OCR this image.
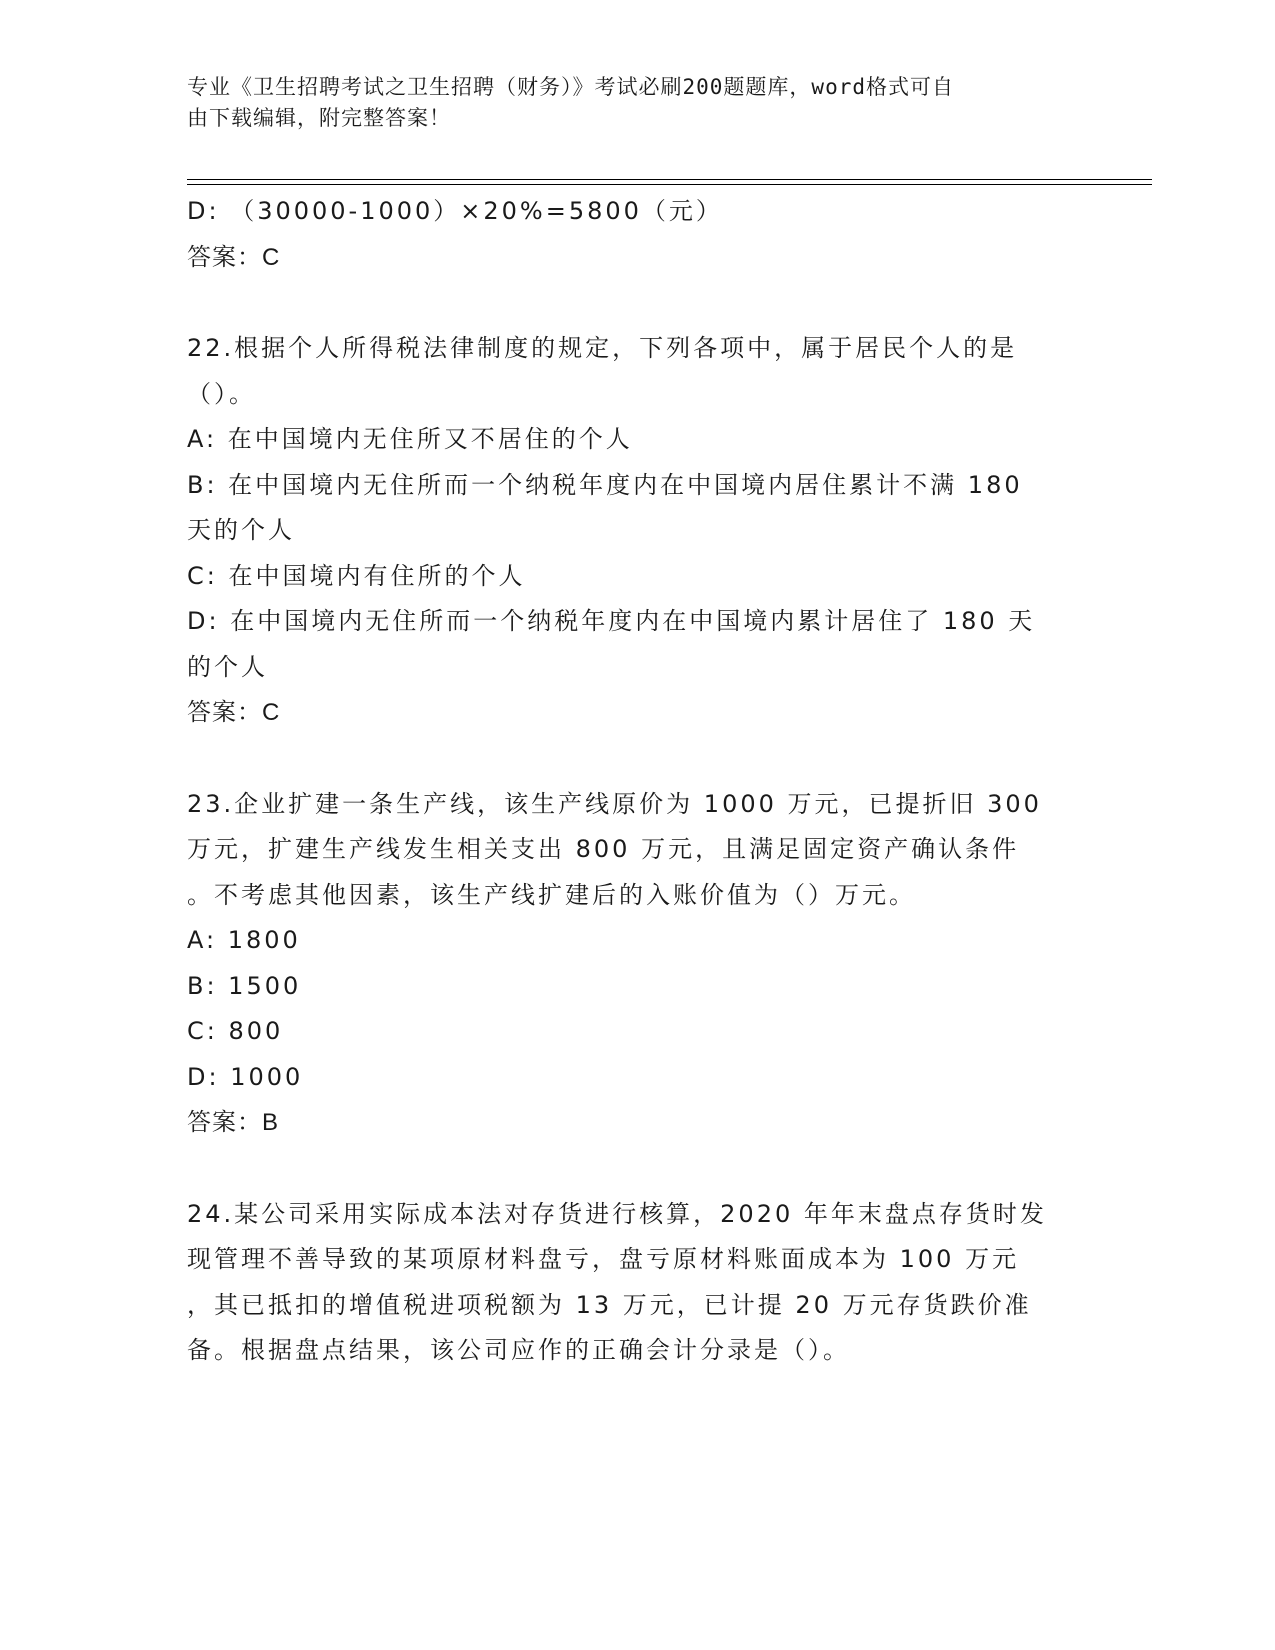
专业《卫生招聘考试之卫生招聘（财务）》考试必刷200题题库，word格式可自
由下载编辑，附完整答案！
D: （30000-1000）×20%=5800（元）
答案：C
22.根据个人所得税法律制度的规定，下列各项中，属于居民个人的是
（）。
A: 在中国境内无住所又不居住的个人
B: 在中国境内无住所而一个纳税年度内在中国境内居住累计不满 180
天的个人
C: 在中国境内有住所的个人
D: 在中国境内无住所而一个纳税年度内在中国境内累计居住了 180 天
的个人
答案：C
23.企业扩建一条生产线，该生产线原价为 1000 万元，已提折旧 300
万元，扩建生产线发生相关支出 800 万元，且满足固定资产确认条件
。不考虑其他因素，该生产线扩建后的入账价值为（）万元。
A: 1800
B: 1500
C: 800
D: 1000
答案：B
24.某公司采用实际成本法对存货进行核算，2020 年年末盘点存货时发
现管理不善导致的某项原材料盘亏，盘亏原材料账面成本为 100 万元
，其已抵扣的增值税进项税额为 13 万元，已计提 20 万元存货跌价准
备。根据盘点结果，该公司应作的正确会计分录是（）。
